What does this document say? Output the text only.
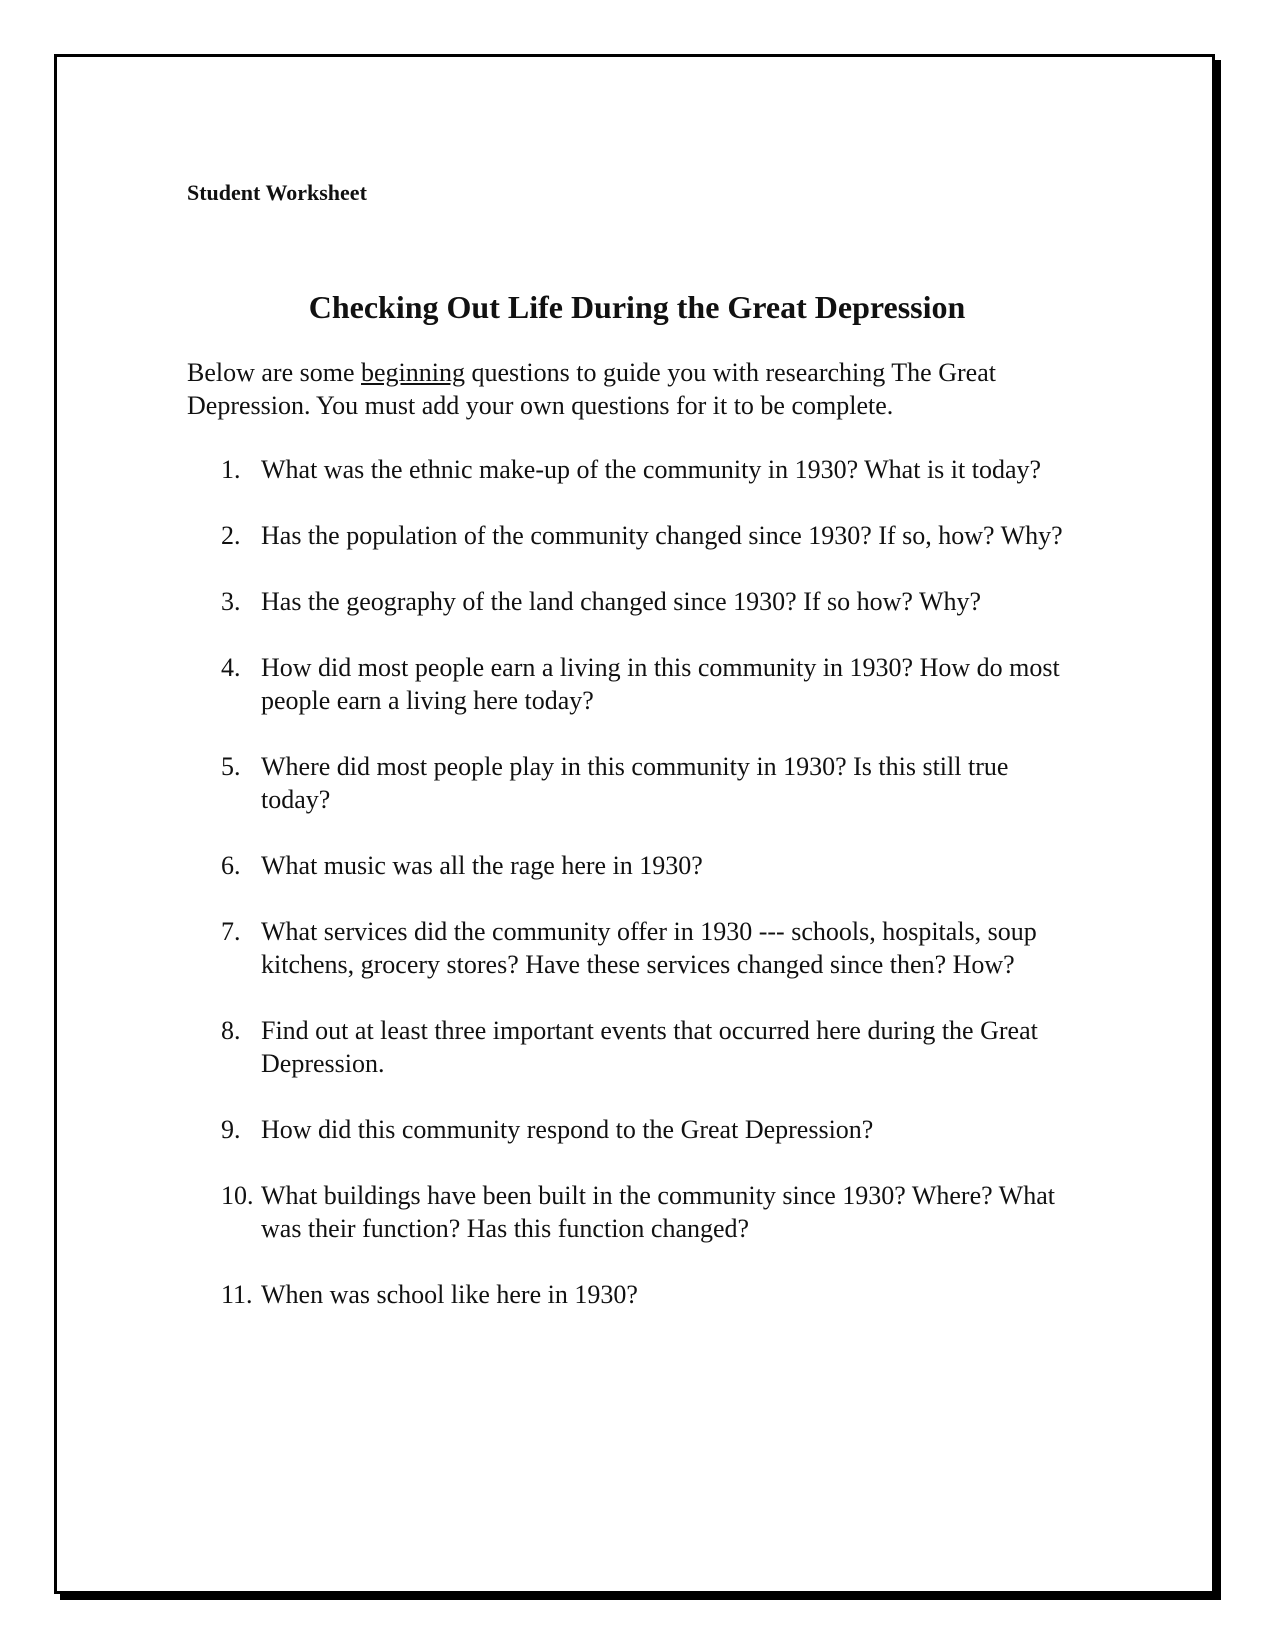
Student Worksheet

Checking Out Life During the Great Depression

Below are some beginning questions to guide you with researching The Great Depression. You must add your own questions for it to be complete.

1. What was the ethnic make-up of the community in 1930? What is it today?
2. Has the population of the community changed since 1930? If so, how? Why?
3. Has the geography of the land changed since 1930? If so how? Why?
4. How did most people earn a living in this community in 1930? How do most people earn a living here today?
5. Where did most people play in this community in 1930? Is this still true today?
6. What music was all the rage here in 1930?
7. What services did the community offer in 1930 --- schools, hospitals, soup kitchens, grocery stores? Have these services changed since then? How?
8. Find out at least three important events that occurred here during the Great Depression.
9. How did this community respond to the Great Depression?
10. What buildings have been built in the community since 1930? Where? What was their function? Has this function changed?
11. When was school like here in 1930?
